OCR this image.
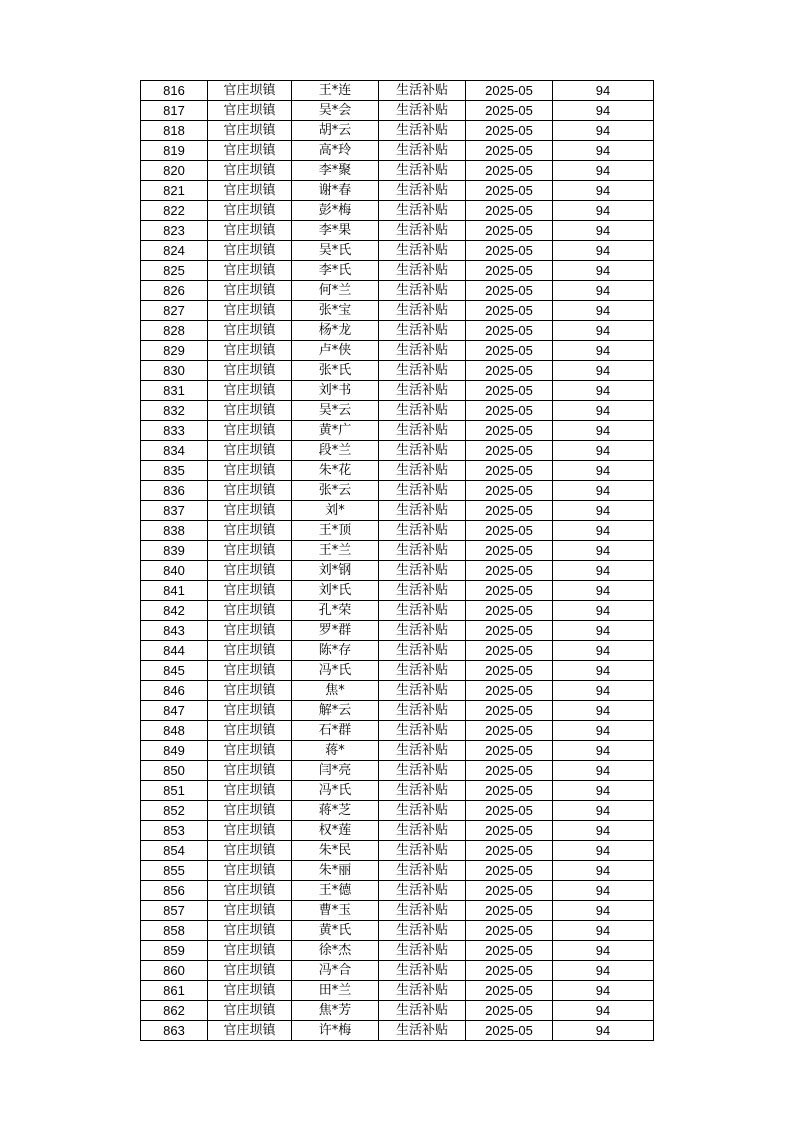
816	官庄坝镇	王*连	生活补贴	2025-05	94
817	官庄坝镇	吴*会	生活补贴	2025-05	94
818	官庄坝镇	胡*云	生活补贴	2025-05	94
819	官庄坝镇	高*玲	生活补贴	2025-05	94
820	官庄坝镇	李*聚	生活补贴	2025-05	94
821	官庄坝镇	谢*春	生活补贴	2025-05	94
822	官庄坝镇	彭*梅	生活补贴	2025-05	94
823	官庄坝镇	李*果	生活补贴	2025-05	94
824	官庄坝镇	吴*氏	生活补贴	2025-05	94
825	官庄坝镇	李*氏	生活补贴	2025-05	94
826	官庄坝镇	何*兰	生活补贴	2025-05	94
827	官庄坝镇	张*宝	生活补贴	2025-05	94
828	官庄坝镇	杨*龙	生活补贴	2025-05	94
829	官庄坝镇	卢*侠	生活补贴	2025-05	94
830	官庄坝镇	张*氏	生活补贴	2025-05	94
831	官庄坝镇	刘*书	生活补贴	2025-05	94
832	官庄坝镇	吴*云	生活补贴	2025-05	94
833	官庄坝镇	黄*广	生活补贴	2025-05	94
834	官庄坝镇	段*兰	生活补贴	2025-05	94
835	官庄坝镇	朱*花	生活补贴	2025-05	94
836	官庄坝镇	张*云	生活补贴	2025-05	94
837	官庄坝镇	刘*	生活补贴	2025-05	94
838	官庄坝镇	王*顶	生活补贴	2025-05	94
839	官庄坝镇	王*兰	生活补贴	2025-05	94
840	官庄坝镇	刘*钢	生活补贴	2025-05	94
841	官庄坝镇	刘*氏	生活补贴	2025-05	94
842	官庄坝镇	孔*荣	生活补贴	2025-05	94
843	官庄坝镇	罗*群	生活补贴	2025-05	94
844	官庄坝镇	陈*存	生活补贴	2025-05	94
845	官庄坝镇	冯*氏	生活补贴	2025-05	94
846	官庄坝镇	焦*	生活补贴	2025-05	94
847	官庄坝镇	解*云	生活补贴	2025-05	94
848	官庄坝镇	石*群	生活补贴	2025-05	94
849	官庄坝镇	蒋*	生活补贴	2025-05	94
850	官庄坝镇	闫*亮	生活补贴	2025-05	94
851	官庄坝镇	冯*氏	生活补贴	2025-05	94
852	官庄坝镇	蒋*芝	生活补贴	2025-05	94
853	官庄坝镇	权*莲	生活补贴	2025-05	94
854	官庄坝镇	朱*民	生活补贴	2025-05	94
855	官庄坝镇	朱*丽	生活补贴	2025-05	94
856	官庄坝镇	王*德	生活补贴	2025-05	94
857	官庄坝镇	曹*玉	生活补贴	2025-05	94
858	官庄坝镇	黄*氏	生活补贴	2025-05	94
859	官庄坝镇	徐*杰	生活补贴	2025-05	94
860	官庄坝镇	冯*合	生活补贴	2025-05	94
861	官庄坝镇	田*兰	生活补贴	2025-05	94
862	官庄坝镇	焦*芳	生活补贴	2025-05	94
863	官庄坝镇	许*梅	生活补贴	2025-05	94
